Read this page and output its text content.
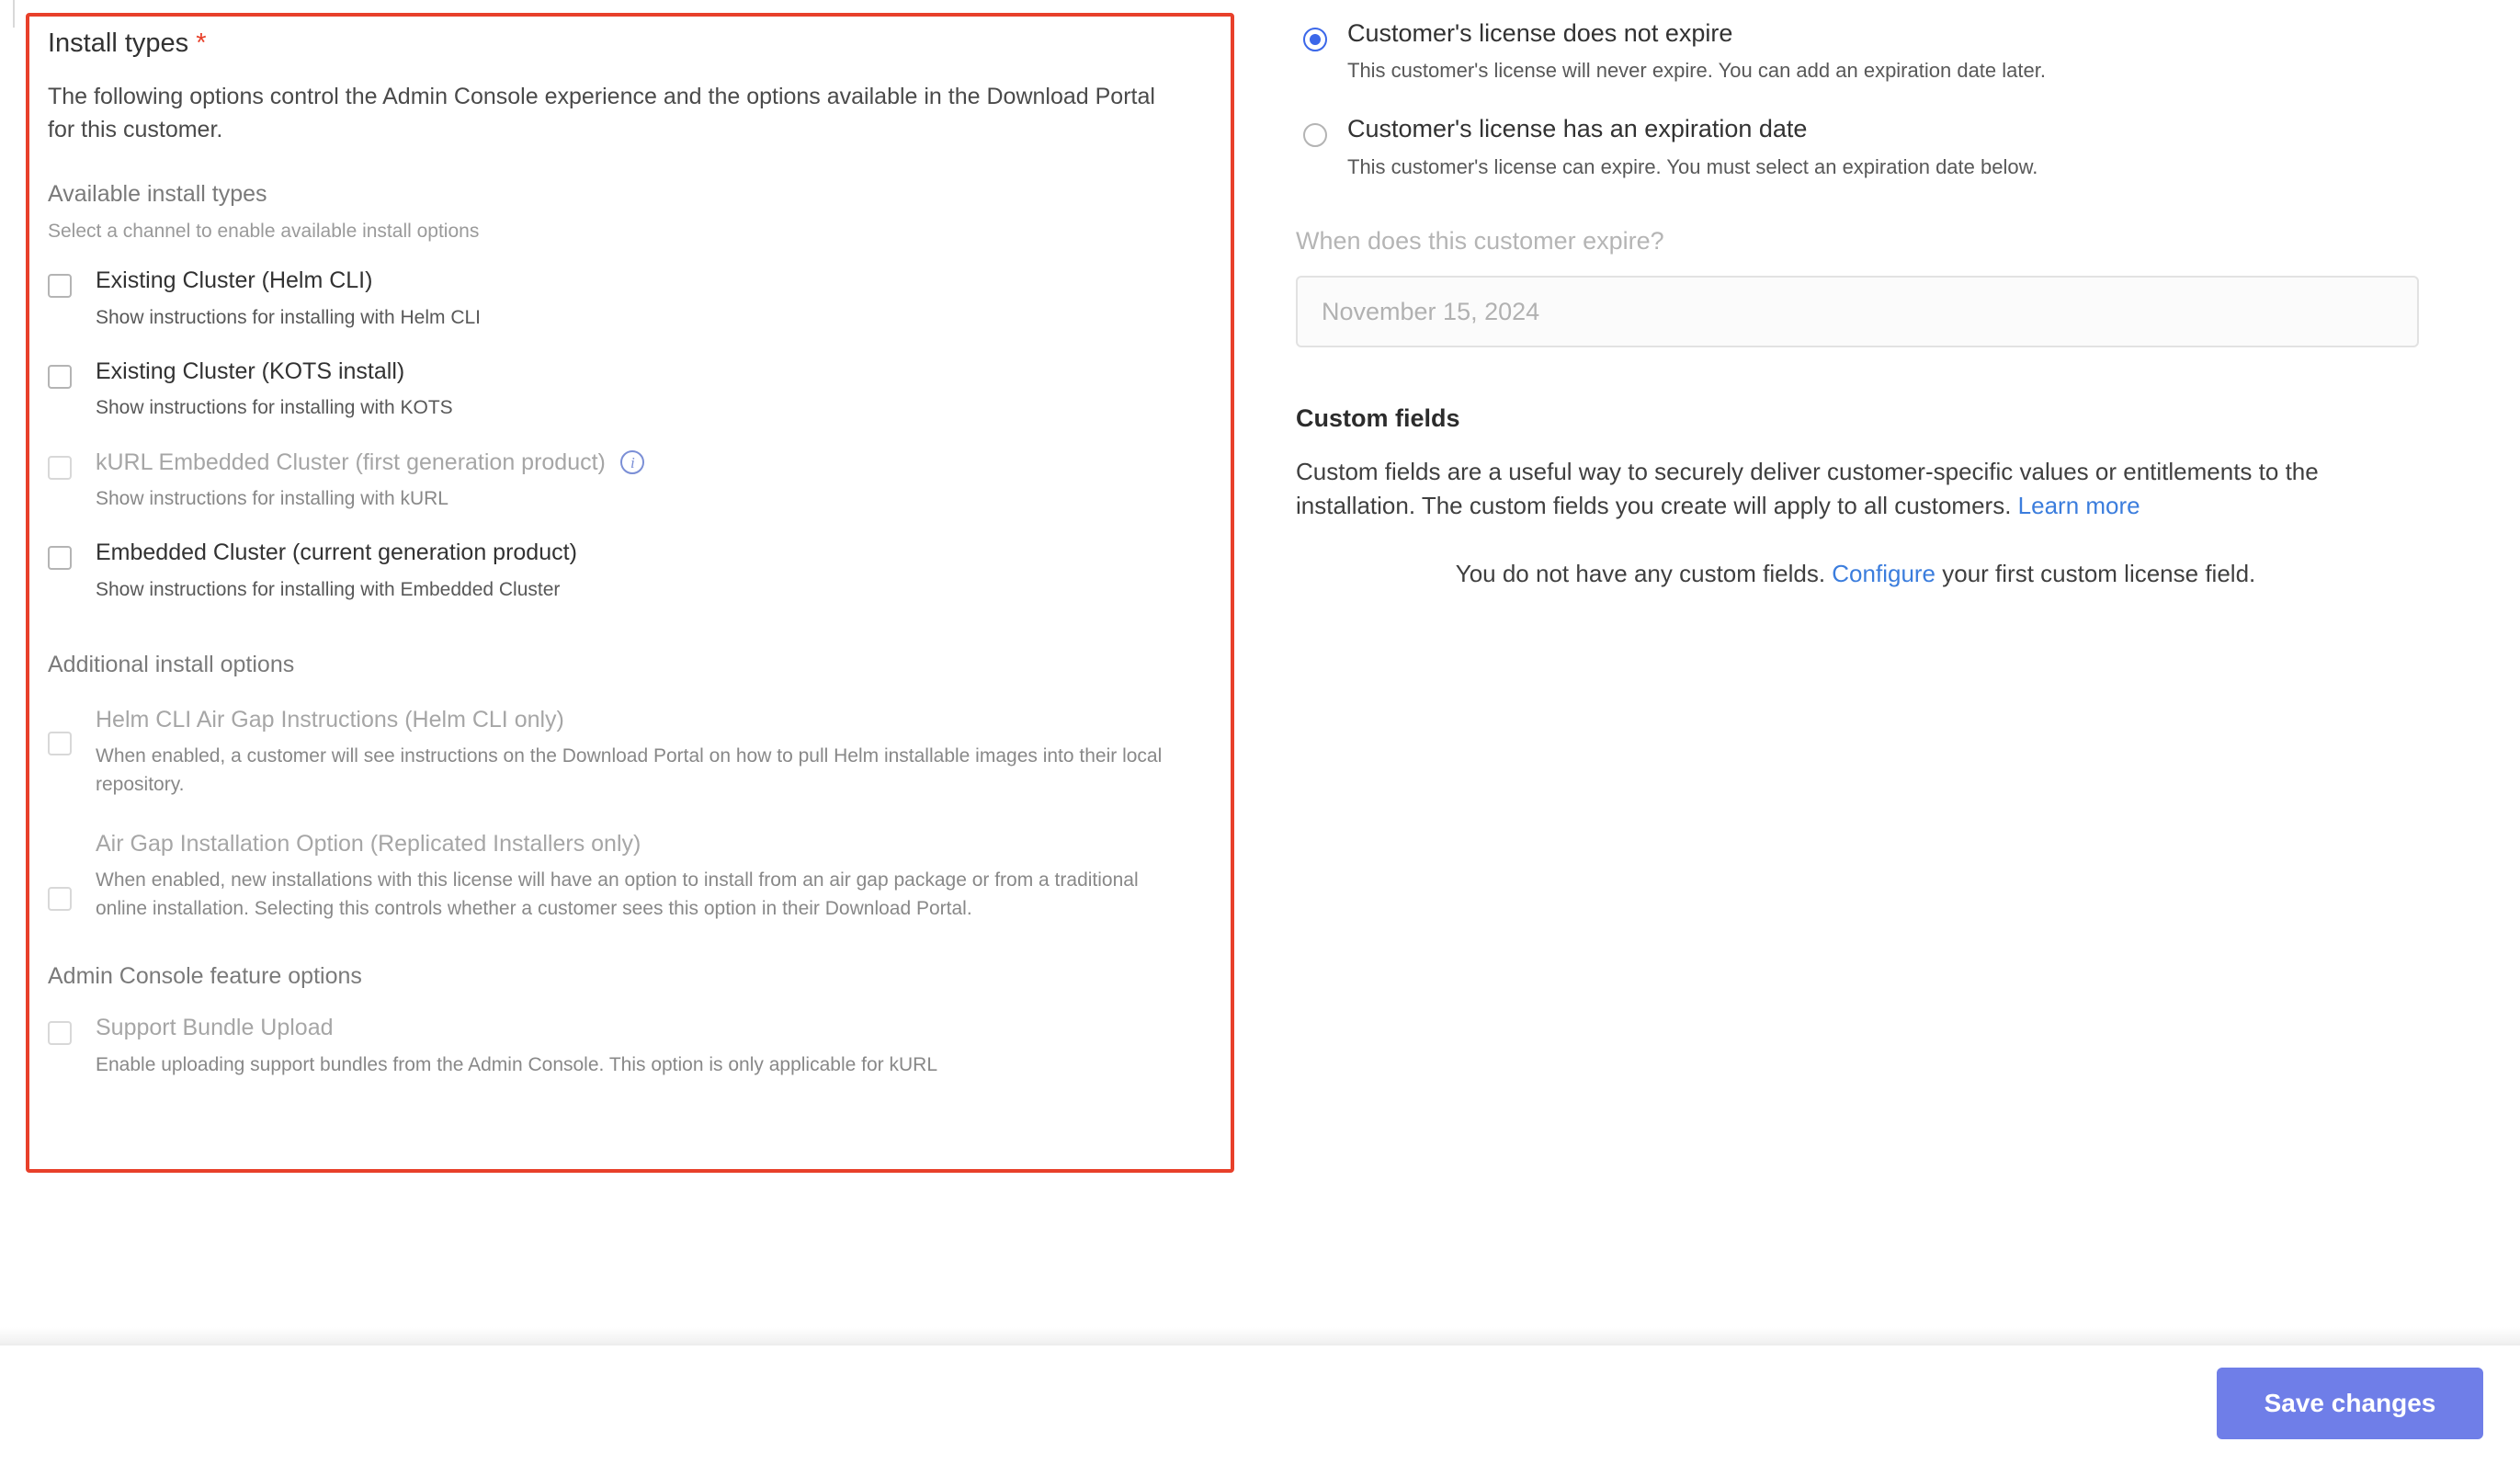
Install types *

The following options control the Admin Console experience and the options available in the Download Portal for this customer.

Available install types
Select a channel to enable available install options
Existing Cluster (Helm CLI)
Show instructions for installing with Helm CLI
Existing Cluster (KOTS install)
Show instructions for installing with KOTS
kURL Embedded Cluster (first generation product) i
Show instructions for installing with kURL
Embedded Cluster (current generation product)
Show instructions for installing with Embedded Cluster
Additional install options
Helm CLI Air Gap Instructions (Helm CLI only)
When enabled, a customer will see instructions on the Download Portal on how to pull Helm installable images into their local repository.
Air Gap Installation Option (Replicated Installers only)
When enabled, new installations with this license will have an option to install from an air gap package or from a traditional online installation. Selecting this controls whether a customer sees this option in their Download Portal.
Admin Console feature options
Support Bundle Upload
Enable uploading support bundles from the Admin Console. This option is only applicable for kURL
Customer's license does not expire
This customer's license will never expire. You can add an expiration date later.
Customer's license has an expiration date
This customer's license can expire. You must select an expiration date below.
When does this customer expire?
November 15, 2024
Custom fields
Custom fields are a useful way to securely deliver customer-specific values or entitlements to the installation. The custom fields you create will apply to all customers. Learn more
You do not have any custom fields. Configure your first custom license field.
Save changes
